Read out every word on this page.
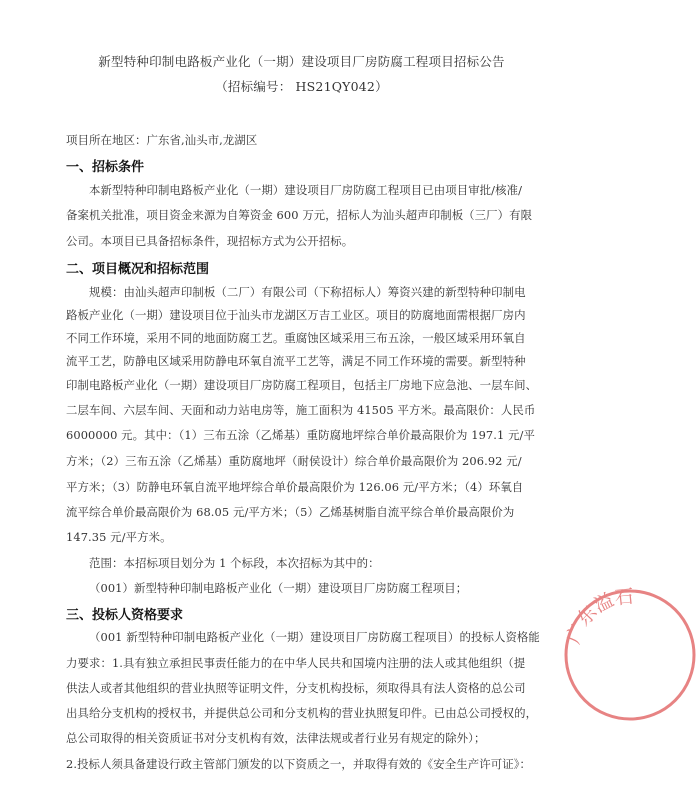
新型特种印制电路板产业化（一期）建设项目厂房防腐工程项目招标公告
（招标编号： HS21QY042）
项目所在地区：广东省,汕头市,龙湖区
一、招标条件
本新型特种印制电路板产业化（一期）建设项目厂房防腐工程项目已由项目审批/核准/
备案机关批准，项目资金来源为自筹资金 600 万元，招标人为汕头超声印制板（三厂）有限
公司。本项目已具备招标条件，现招标方式为公开招标。
二、项目概况和招标范围
规模：由汕头超声印制板（二厂）有限公司（下称招标人）筹资兴建的新型特种印制电
路板产业化（一期）建设项目位于汕头市龙湖区万吉工业区。项目的防腐地面需根据厂房内
不同工作环境，采用不同的地面防腐工艺。重腐蚀区域采用三布五涂，一般区域采用环氧自
流平工艺，防静电区域采用防静电环氧自流平工艺等，满足不同工作环境的需要。新型特种
印制电路板产业化（一期）建设项目厂房防腐工程项目，包括主厂房地下应急池、一层车间、
二层车间、六层车间、天面和动力站电房等，施工面积为 41505 平方米。最高限价：人民币
6000000 元。其中：（1）三布五涂（乙烯基）重防腐地坪综合单价最高限价为 197.1 元/平
方米；（2）三布五涂（乙烯基）重防腐地坪（耐侯设计）综合单价最高限价为 206.92 元/
平方米；（3）防静电环氧自流平地坪综合单价最高限价为 126.06 元/平方米；（4）环氧自
流平综合单价最高限价为 68.05 元/平方米；（5）乙烯基树脂自流平综合单价最高限价为
147.35 元/平方米。
范围：本招标项目划分为 1 个标段，本次招标为其中的：
（001）新型特种印制电路板产业化（一期）建设项目厂房防腐工程项目；
三、投标人资格要求
（001 新型特种印制电路板产业化（一期）建设项目厂房防腐工程项目）的投标人资格能
力要求：1.具有独立承担民事责任能力的在中华人民共和国境内注册的法人或其他组织（提
供法人或者其他组织的营业执照等证明文件，分支机构投标，须取得具有法人资格的总公司
出具给分支机构的授权书，并提供总公司和分支机构的营业执照复印件。已由总公司授权的，
总公司取得的相关资质证书对分支机构有效，法律法规或者行业另有规定的除外）；
2.投标人须具备建设行政主管部门颁发的以下资质之一，并取得有效的《安全生产许可证》：
广东溢石
